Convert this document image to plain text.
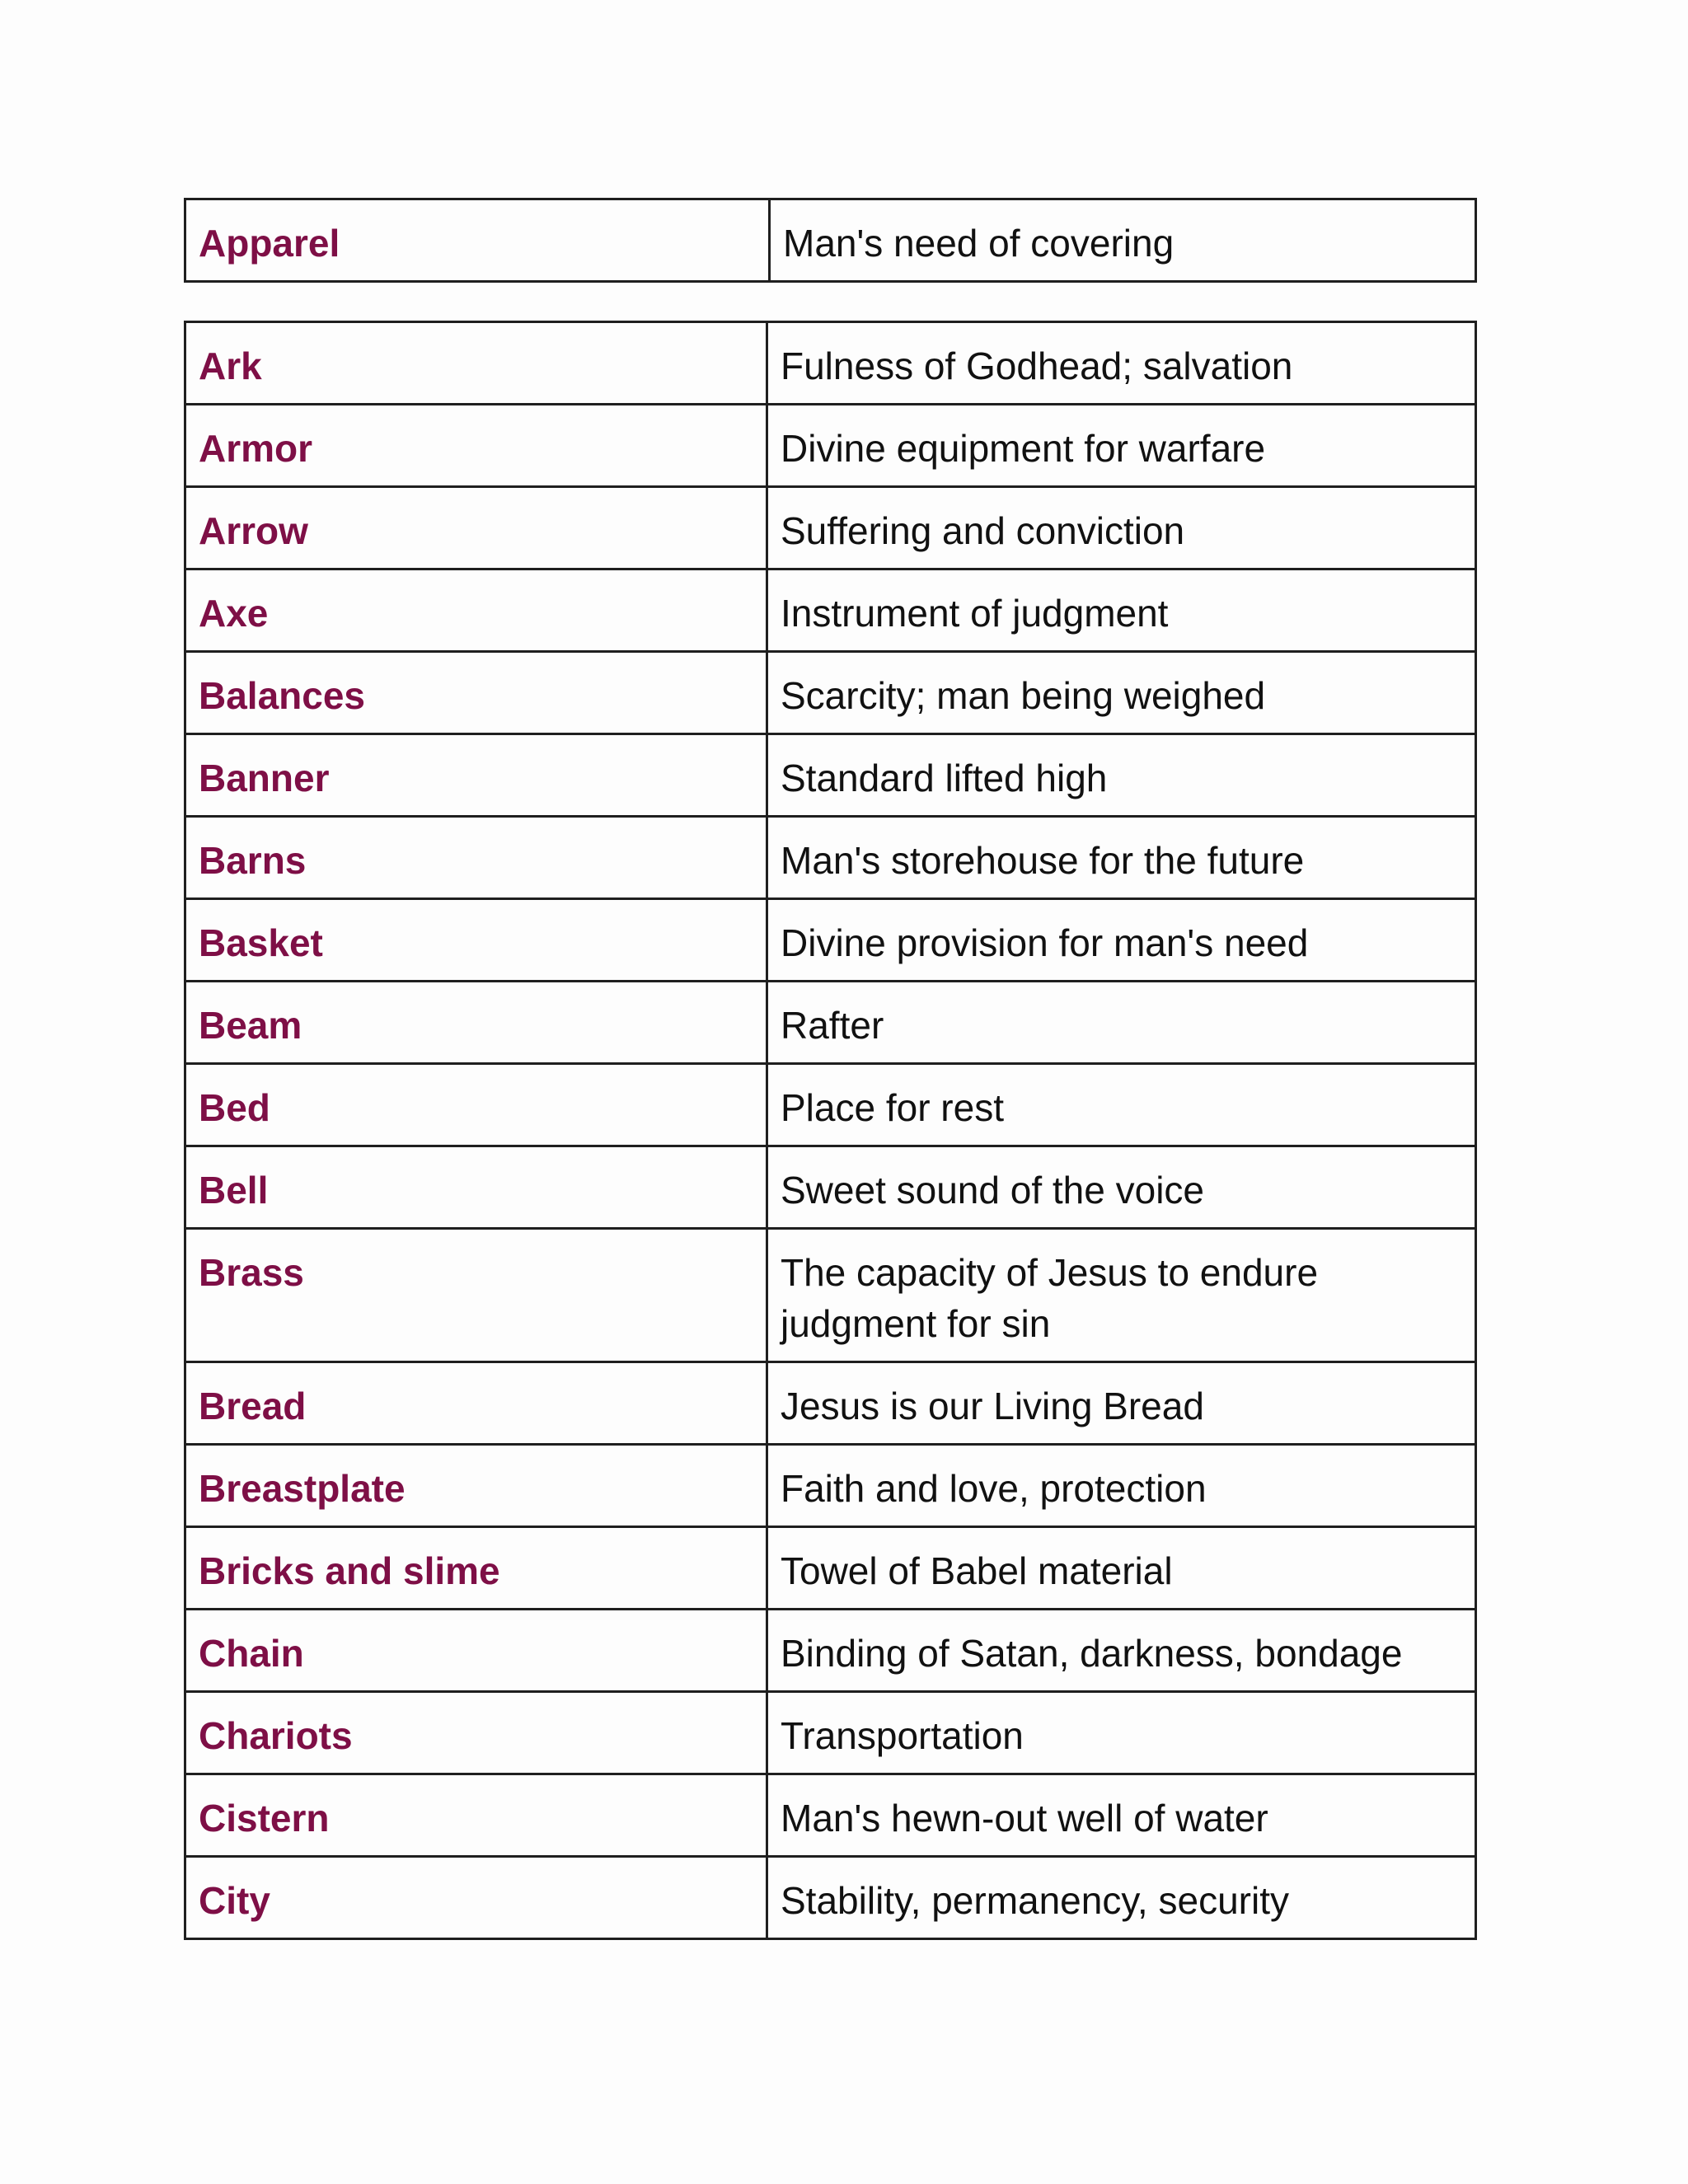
Apparel	Man's need of covering
Ark	Fulness of Godhead; salvation
Armor	Divine equipment for warfare
Arrow	Suffering and conviction
Axe	Instrument of judgment
Balances	Scarcity; man being weighed
Banner	Standard lifted high
Barns	Man's storehouse for the future
Basket	Divine provision for man's need
Beam	Rafter
Bed	Place for rest
Bell	Sweet sound of the voice
Brass	The capacity of Jesus to endure judgment for sin
Bread	Jesus is our Living Bread
Breastplate	Faith and love, protection
Bricks and slime	Towel of Babel material
Chain	Binding of Satan, darkness, bondage
Chariots	Transportation
Cistern	Man's hewn-out well of water
City	Stability, permanency, security
